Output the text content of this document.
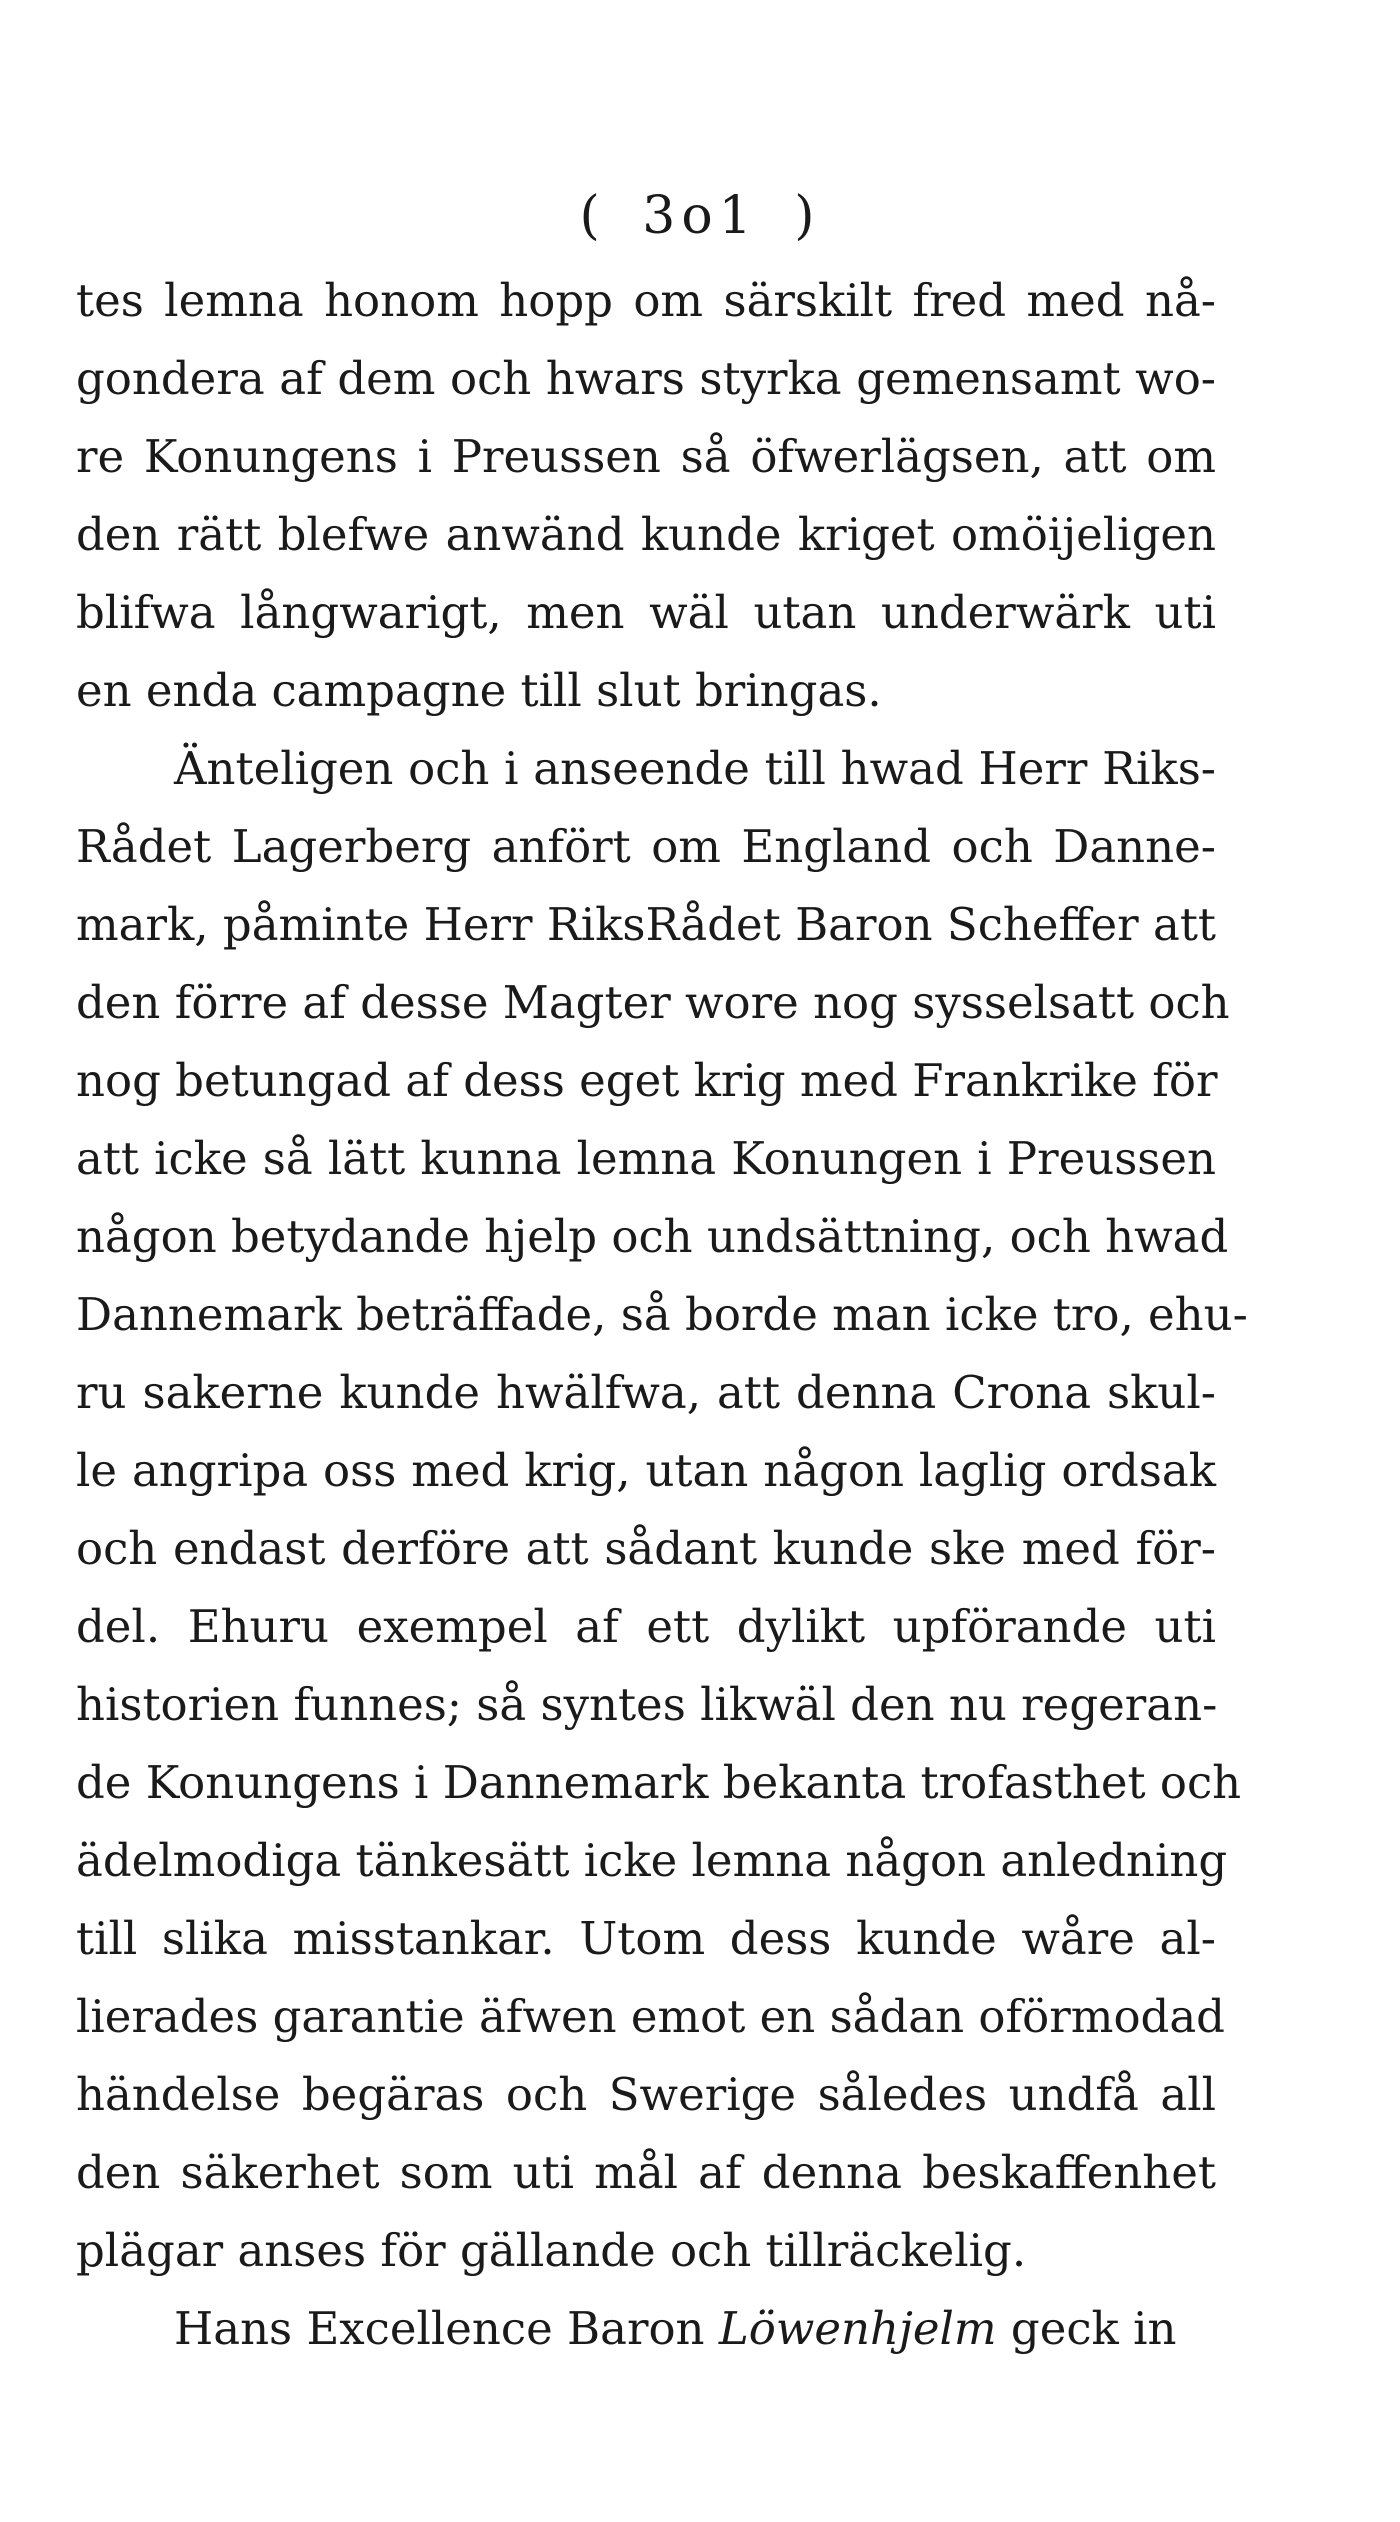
( 3o1 )
tes lemna honom hopp om särskilt fred med nå-
gondera af dem och hwars styrka gemensamt wo-
re Konungens i Preussen så öfwerlägsen, att om
den rätt blefwe anwänd kunde kriget omöijeligen
blifwa långwarigt, men wäl utan underwärk uti
en enda campagne till slut bringas.
Änteligen och i anseende till hwad Herr Riks-
Rådet Lagerberg anfört om England och Danne-
mark, påminte Herr RiksRådet Baron Scheffer att
den förre af desse Magter wore nog sysselsatt och
nog betungad af dess eget krig med Frankrike för
att icke så lätt kunna lemna Konungen i Preussen
någon betydande hjelp och undsättning, och hwad
Dannemark beträffade, så borde man icke tro, ehu-
ru sakerne kunde hwälfwa, att denna Crona skul-
le angripa oss med krig, utan någon laglig ordsak
och endast derföre att sådant kunde ske med för-
del. Ehuru exempel af ett dylikt upförande uti
historien funnes; så syntes likwäl den nu regeran-
de Konungens i Dannemark bekanta trofasthet och
ädelmodiga tänkesätt icke lemna någon anledning
till slika misstankar. Utom dess kunde wåre al-
lierades garantie äfwen emot en sådan oförmodad
händelse begäras och Swerige således undfå all
den säkerhet som uti mål af denna beskaffenhet
plägar anses för gällande och tillräckelig.
Hans Excellence Baron Löwenhjelm geck in
